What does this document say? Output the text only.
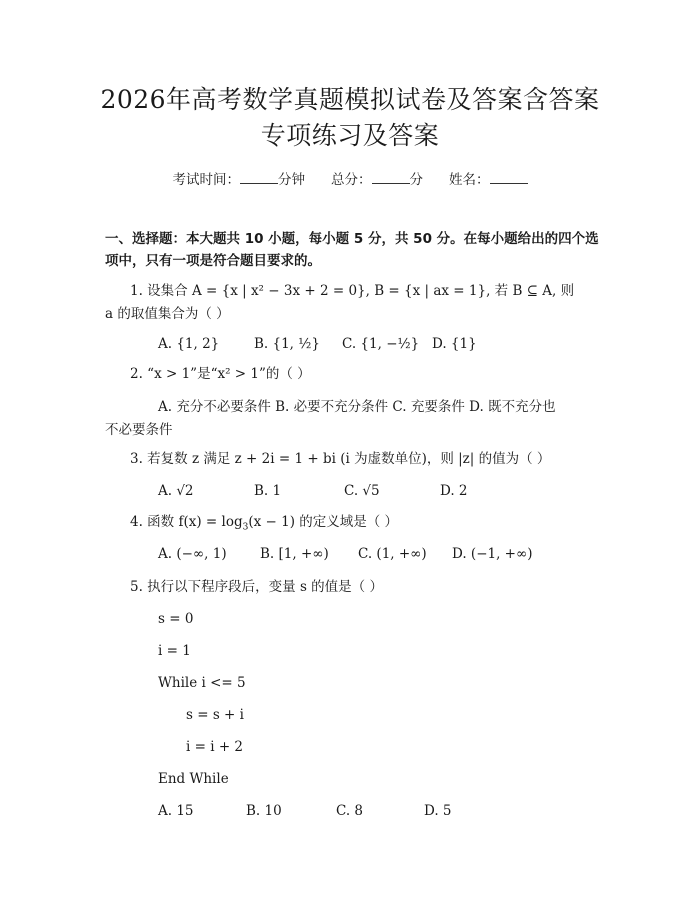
2026年高考数学真题模拟试卷及答案含答案
专项练习及答案
考试时间：	分钟 总分：	分 姓名：
一、选择题：本大题共 10 小题，每小题 5 分，共 50 分。在每小题给出的四个选
项中，只有一项是符合题目要求的。
1. 设集合 A = {x | x² − 3x + 2 = 0}, B = {x | ax = 1}, 若 B ⊆ A, 则
a 的取值集合为（ ）
A. {1, 2}	B. {1, ½} C. {1, −½} D. {1}
2. “x > 1”是“x² > 1”的（ ）
A. 充分不必要条件 B. 必要不充分条件 C. 充要条件 D. 既不充分也
不必要条件
3. 若复数 z 满足 z + 2i = 1 + bi (i 为虚数单位)，则 |z| 的值为（ ）
A. √2	B. 1	C. √5	D. 2
4. 函数 $f(x) = \log_3(x - 1)$ 的定义域是（ ）
A. (−∞, 1) B. [1, +∞) C. (1, +∞) D. (−1, +∞)
5. 执行以下程序段后，变量 s 的值是（ ）
s = 0
i = 1
While i <= 5
s = s + i
i = i + 2
End While
A. 15	B. 10	C. 8	D. 5
